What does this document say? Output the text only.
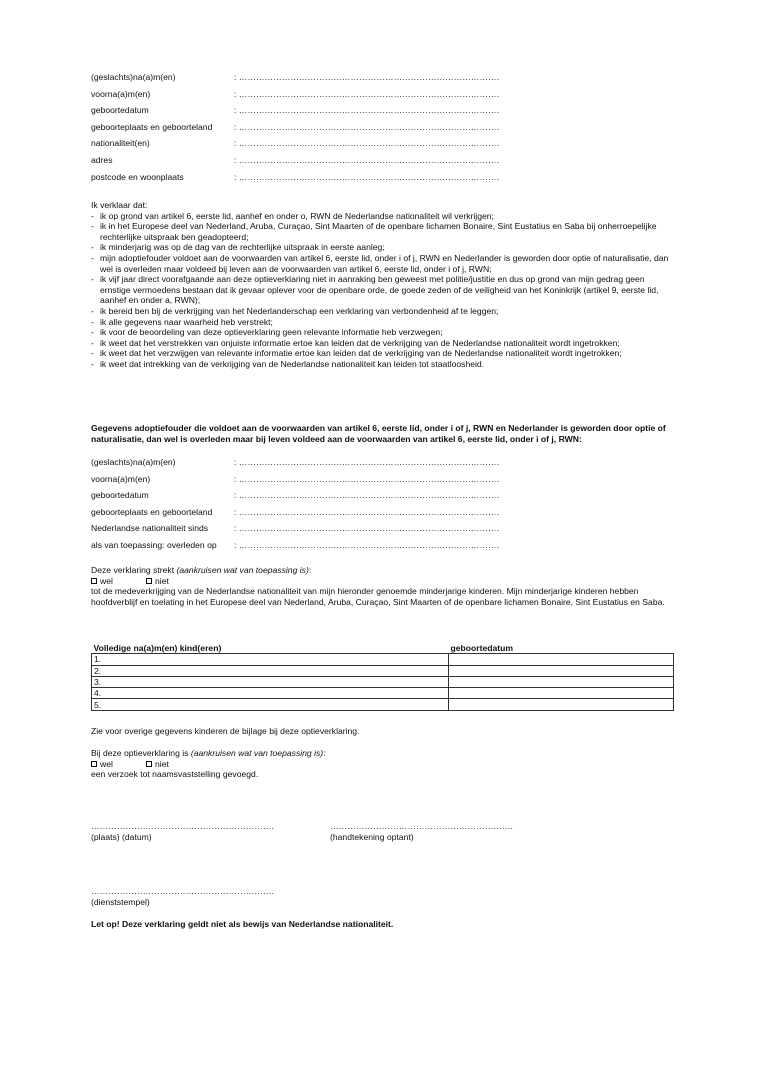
(geslachts)na(a)m(en)	: ……………………………………………………………………………….
voorna(a)m(en)	: ……………………………………………………………………………….
geboortedatum	: ……………………………………………………………………………….
geboorteplaats en geboorteland	: ……………………………………………………………………………….
nationaliteit(en)	: ……………………………………………………………………………….
adres	: ……………………………………………………………………………….
postcode en woonplaats	: ……………………………………………………………………………….
Ik verklaar dat:
- ik op grond van artikel 6, eerste lid, aanhef en onder o, RWN de Nederlandse nationaliteit wil verkrijgen;
- ik in het Europese deel van Nederland, Aruba, Curaçao, Sint Maarten of de openbare lichamen Bonaire, Sint Eustatius en Saba bij onherroepelijke rechterlijke uitspraak ben geadopteerd;
- ik minderjarig was op de dag van de rechterlijke uitspraak in eerste aanleg;
- mijn adoptiefouder voldoet aan de voorwaarden van artikel 6, eerste lid, onder i of j, RWN en Nederlander is geworden door optie of naturalisatie, dan wel is overleden maar voldeed bij leven aan de voorwaarden van artikel 6, eerste lid, onder i of j, RWN;
- ik vijf jaar direct voorafgaande aan deze optieverklaring niet in aanraking ben geweest met politie/justitie en dus op grond van mijn gedrag geen ernstige vermoedens bestaan dat ik gevaar oplever voor de openbare orde, de goede zeden of de veiligheid van het Koninkrijk (artikel 9, eerste lid, aanhef en onder a, RWN);
- ik bereid ben bij de verkrijging van het Nederlanderschap een verklaring van verbondenheid af te leggen;
- ik alle gegevens naar waarheid heb verstrekt;
- ik voor de beoordeling van deze optieverklaring geen relevante informatie heb verzwegen;
- ik weet dat het verstrekken van onjuiste informatie ertoe kan leiden dat de verkrijging van de Nederlandse nationaliteit wordt ingetrokken;
- ik weet dat het verzwijgen van relevante informatie ertoe kan leiden dat de verkrijging van de Nederlandse nationaliteit wordt ingetrokken;
- ik weet dat intrekking van de verkrijging van de Nederlandse nationaliteit kan leiden tot staatloosheid.
Gegevens adoptiefouder die voldoet aan de voorwaarden van artikel 6, eerste lid, onder i of j, RWN en Nederlander is geworden door optie of naturalisatie, dan wel is overleden maar bij leven voldeed aan de voorwaarden van artikel 6, eerste lid, onder i of j, RWN:
(geslachts)na(a)m(en)	: ……………………………………………………………………………….
voorna(a)m(en)	: ……………………………………………………………………………….
geboortedatum	: ……………………………………………………………………………….
geboorteplaats en geboorteland	: ……………………………………………………………………………….
Nederlandse nationaliteit sinds	: ……………………………………………………………………………….
als van toepassing: overleden op	: ……………………………………………………………………………….
Deze verklaring strekt (aankruisen wat van toepassing is):
wel	niet
tot de medeverkrijging van de Nederlandse nationaliteit van mijn hieronder genoemde minderjarige kinderen. Mijn minderjarige kinderen hebben hoofdverblijf en toelating in het Europese deel van Nederland, Aruba, Curaçao, Sint Maarten of de openbare lichamen Bonaire, Sint Eustatius en Saba.
Volledige na(a)m(en) kind(eren)	geboortedatum
1.	
2.	
3.	
4.	
5.	
Zie voor overige gegevens kinderen de bijlage bij deze optieverklaring.
Bij deze optieverklaring is (aankruisen wat van toepassing is):
wel	niet
een verzoek tot naamsvaststelling gevoegd.
……………………………………………………….
(plaats) (datum)
……………………………………………………….
(handtekening optant)
……………………………………………………….
(dienststempel)
Let op! Deze verklaring geldt niet als bewijs van Nederlandse nationaliteit.
